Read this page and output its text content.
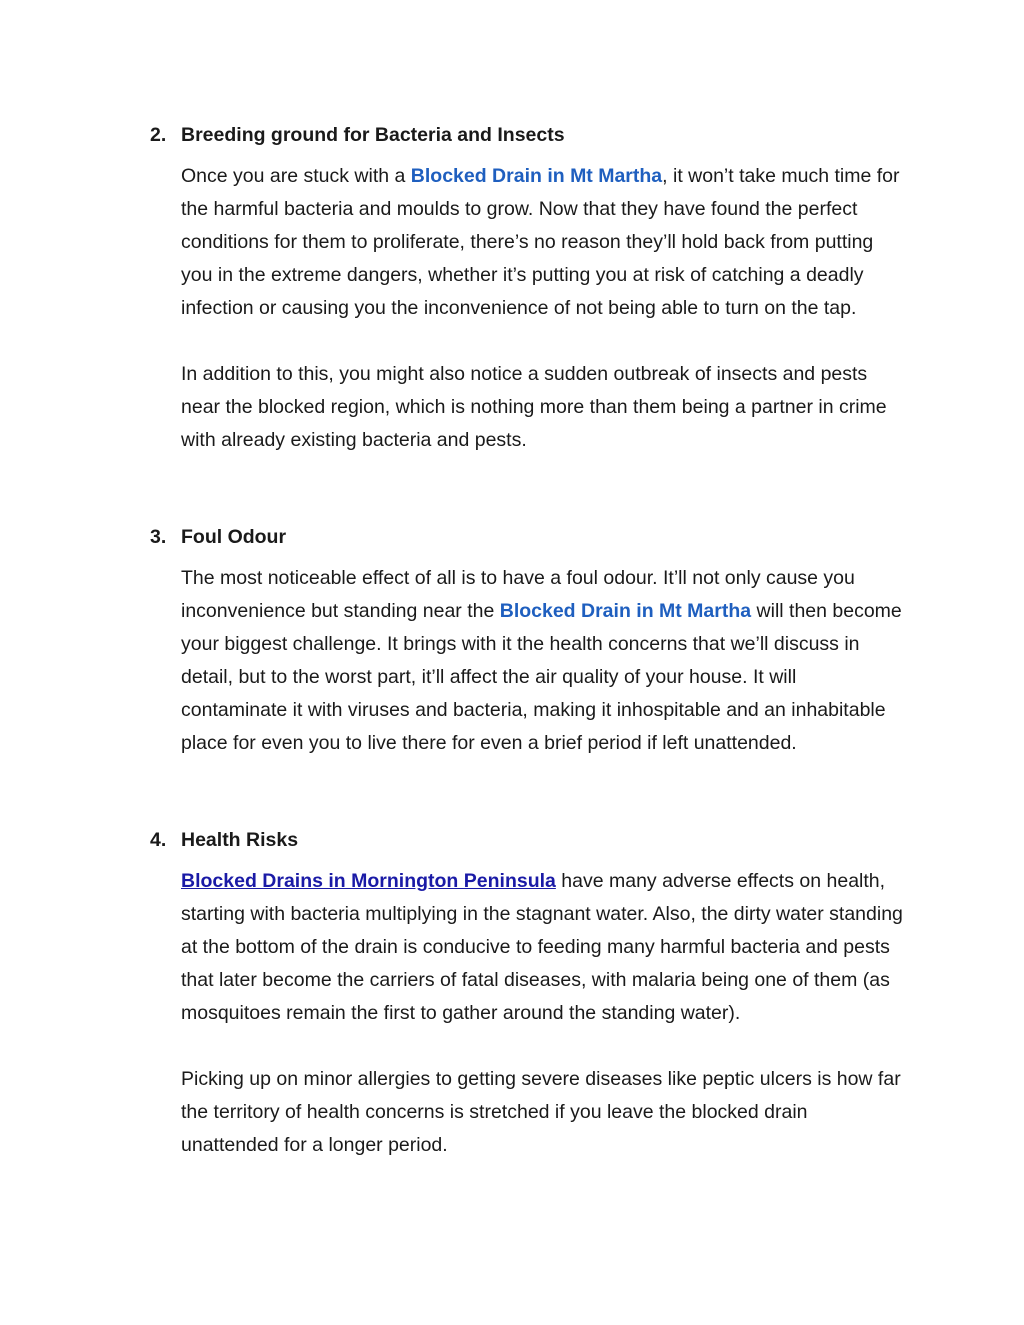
2. Breeding ground for Bacteria and Insects

Once you are stuck with a Blocked Drain in Mt Martha, it won’t take much time for the harmful bacteria and moulds to grow. Now that they have found the perfect conditions for them to proliferate, there’s no reason they’ll hold back from putting you in the extreme dangers, whether it’s putting you at risk of catching a deadly infection or causing you the inconvenience of not being able to turn on the tap.

In addition to this, you might also notice a sudden outbreak of insects and pests near the blocked region, which is nothing more than them being a partner in crime with already existing bacteria and pests.

3. Foul Odour

The most noticeable effect of all is to have a foul odour. It’ll not only cause you inconvenience but standing near the Blocked Drain in Mt Martha will then become your biggest challenge. It brings with it the health concerns that we’ll discuss in detail, but to the worst part, it’ll affect the air quality of your house. It will contaminate it with viruses and bacteria, making it inhospitable and an inhabitable place for even you to live there for even a brief period if left unattended.

4. Health Risks

Blocked Drains in Mornington Peninsula have many adverse effects on health, starting with bacteria multiplying in the stagnant water. Also, the dirty water standing at the bottom of the drain is conducive to feeding many harmful bacteria and pests that later become the carriers of fatal diseases, with malaria being one of them (as mosquitoes remain the first to gather around the standing water).

Picking up on minor allergies to getting severe diseases like peptic ulcers is how far the territory of health concerns is stretched if you leave the blocked drain unattended for a longer period.
